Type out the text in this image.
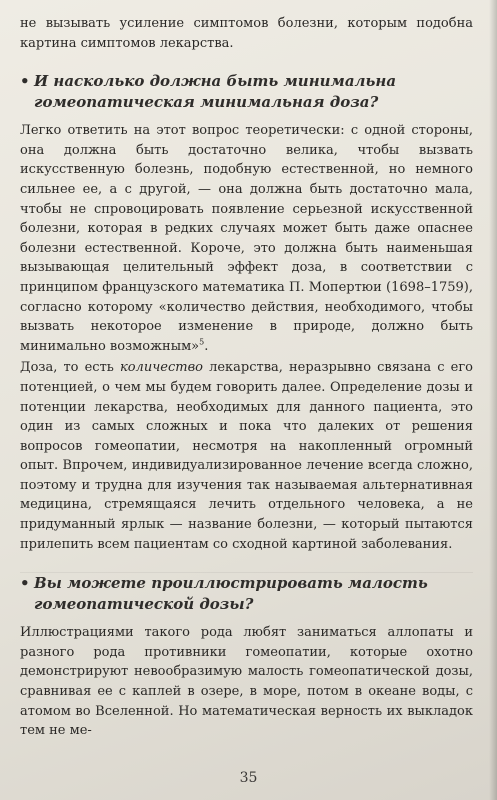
не вызывать усиление симптомов болезни, которым подобна картина симптомов лекарства.

• И насколько должна быть минимальна гомеопатическая минимальная доза?

Легко ответить на этот вопрос теоретически: с одной стороны, она должна быть достаточно велика, чтобы вызвать искусственную болезнь, подобную естественной, но немного сильнее ее, а с другой, — она должна быть достаточно мала, чтобы не спровоцировать появление серьезной искусственной болезни, которая в редких случаях может быть даже опаснее болезни естественной. Короче, это должна быть наименьшая вызывающая целительный эффект доза, в соответствии с принципом французского математика П. Мопертюи (1698–1759), согласно которому «количество действия, необходимого, чтобы вызвать некоторое изменение в природе, должно быть минимально возможным»$^5$.

Доза, то есть количество лекарства, неразрывно связана с его потенцией, о чем мы будем говорить далее. Определение дозы и потенции лекарства, необходимых для данного пациента, это один из самых сложных и пока что далеких от решения вопросов гомеопатии, несмотря на накопленный огромный опыт. Впрочем, индивидуализированное лечение всегда сложно, поэтому и трудна для изучения так называемая альтернативная медицина, стремящаяся лечить отдельного человека, а не придуманный ярлык — название болезни, — который пытаются прилепить всем пациентам со сходной картиной заболевания.

• Вы можете проиллюстрировать малость гомеопатической дозы?

Иллюстрациями такого рода любят заниматься аллопаты и разного рода противники гомеопатии, которые охотно демонстрируют невообразимую малость гомеопатической дозы, сравнивая ее с каплей в озере, в море, потом в океане воды, с атомом во Вселенной. Но математическая верность их выкладок тем не ме-

35
